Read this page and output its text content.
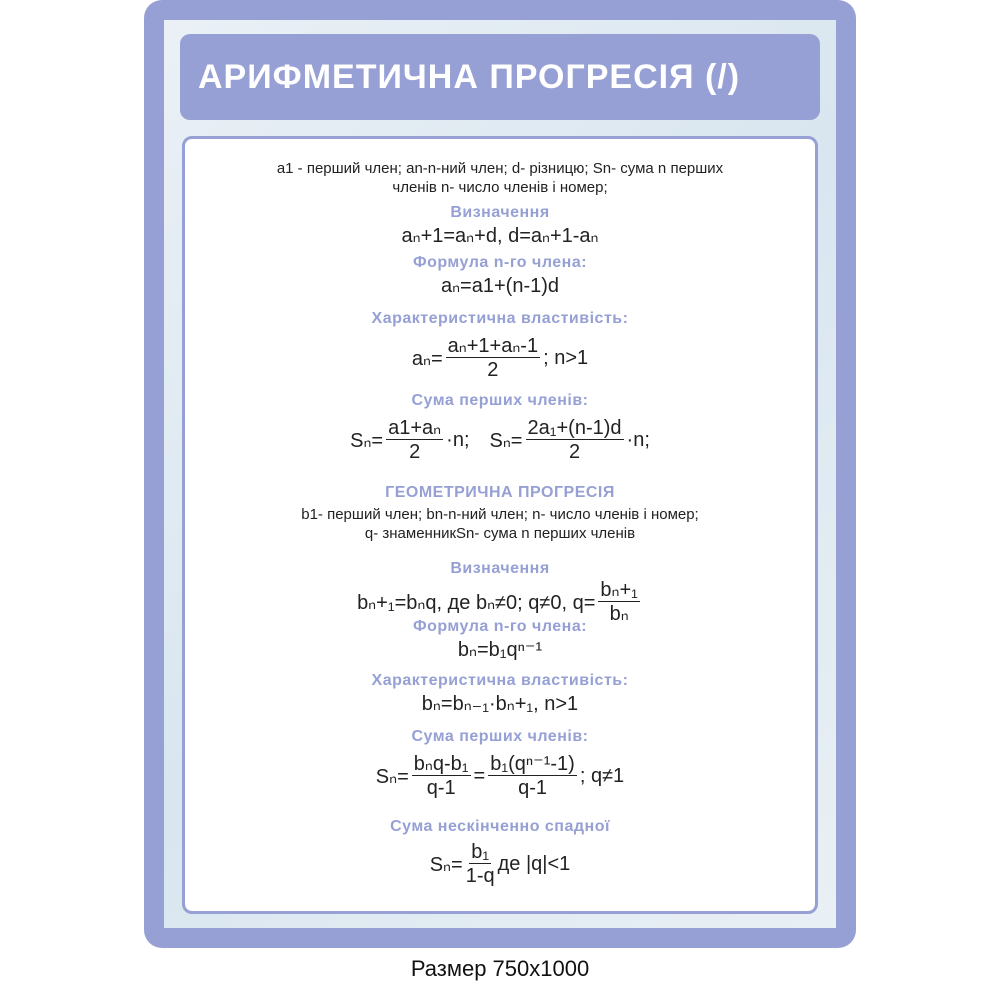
АРИФМЕТИЧНА ПРОГРЕСІЯ (/)
a1 - перший член; an-n-ний член; d- різницю; Sn- сума n перших
членів n- число членів і номер;
Визначення
aₙ+1=aₙ+d, d=aₙ+1-aₙ
Формула n-го члена:
aₙ=a1+(n-1)d
Характеристична властивість:
$a_n= \frac{\text{aₙ+1+aₙ-1}}{2}$ ; n>1
Сума перших членів:
$S_n= \frac{\text{a1+aₙ}}{2} \cdot n$; $S_n= \frac{\text{2a₁+(n-1)d}}{2} \cdot n$;
ГЕОМЕТРИЧНА ПРОГРЕСІЯ
b1- перший член; bn-n-ний член; n- число членів і номер;
q- знаменникSn- сума n перших членів
Визначення
bₙ+₁=bₙq, де bₙ≠0; q≠0, $q= \frac{\text{bₙ+₁}}{\text{bₙ}}$
Формула n-го члена:
bₙ=b₁qⁿ⁻¹
Характеристична властивість:
bₙ=bₙ₋₁·bₙ+₁, n>1
Сума перших членів:
$S_n= \frac{\text{bₙq-b₁}}{q-1} = \frac{\text{b₁(qⁿ⁻¹-1)}}{q-1}$ ; q≠1
Сума нескінченно спадноï
$S_n= \frac{\text{b₁}}{1-q}$ де |q|<1
Размер 750x1000
